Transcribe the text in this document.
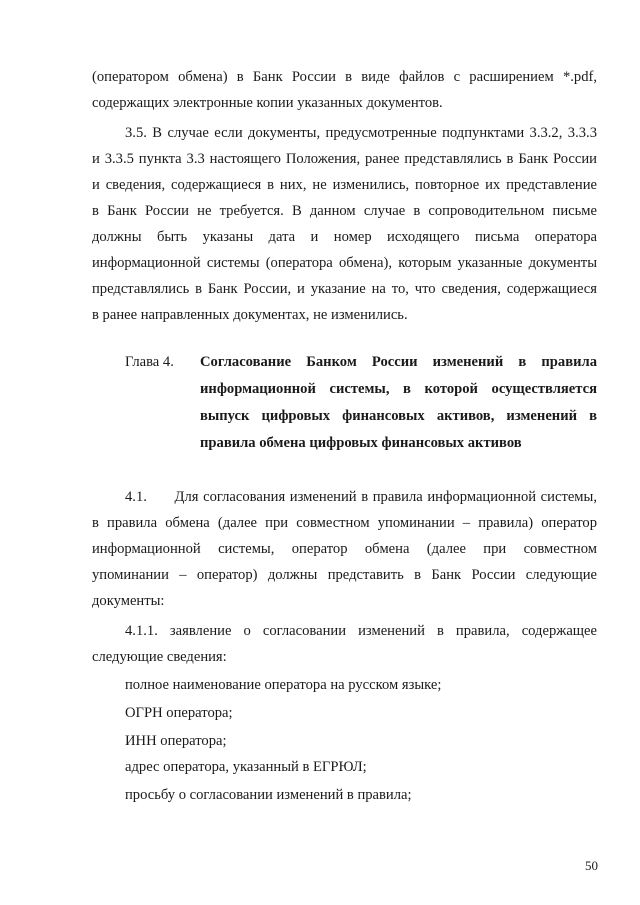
(оператором обмена) в Банк России в виде файлов с расширением *.pdf,
содержащих электронные копии указанных документов.
3.5. В случае если документы, предусмотренные подпунктами 3.3.2, 3.3.3
и 3.3.5 пункта 3.3 настоящего Положения, ранее представлялись в Банк России
и сведения, содержащиеся в них, не изменились, повторное их представление
в Банк России не требуется. В данном случае в сопроводительном письме
должны быть указаны дата и номер исходящего письма оператора
информационной системы (оператора обмена), которым указанные документы
представлялись в Банк России, и указание на то, что сведения, содержащиеся
в ранее направленных документах, не изменились.
Глава 4. Согласование Банком России изменений в правила
информационной системы, в которой осуществляется
выпуск цифровых финансовых активов, изменений в
правила обмена цифровых финансовых активов
4.1.      Для согласования изменений в правила информационной системы,
в правила обмена (далее при совместном упоминании – правила) оператор
информационной системы, оператор обмена (далее при совместном
упоминании – оператор) должны представить в Банк России следующие
документы:
4.1.1. заявление о согласовании изменений в правила, содержащее
следующие сведения:
полное наименование оператора на русском языке;
ОГРН оператора;
ИНН оператора;
адрес оператора, указанный в ЕГРЮЛ;
просьбу о согласовании изменений в правила;
50
